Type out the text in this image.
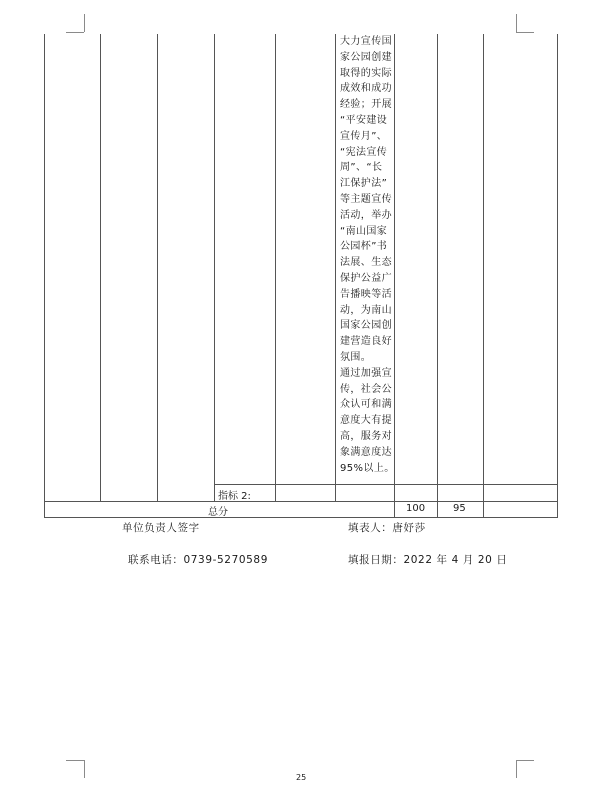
大力宣传国
家公园创建
取得的实际
成效和成功
经验；开展
“平安建设
宣传月”、
“宪法宣传
周”、“长
江保护法”
等主题宣传
活动，举办
“南山国家
公园杯”书
法展、生态
保护公益广
告播映等活
动，为南山
国家公园创
建营造良好
氛围。
通过加强宣
传，社会公
众认可和满
意度大有提
高，服务对
象满意度达
95%以上。
指标 2:
总分	100	95
单位负责人签字	填表人：唐妤莎
联系电话：0739-5270589	填报日期：2022 年 4 月 20 日
25
